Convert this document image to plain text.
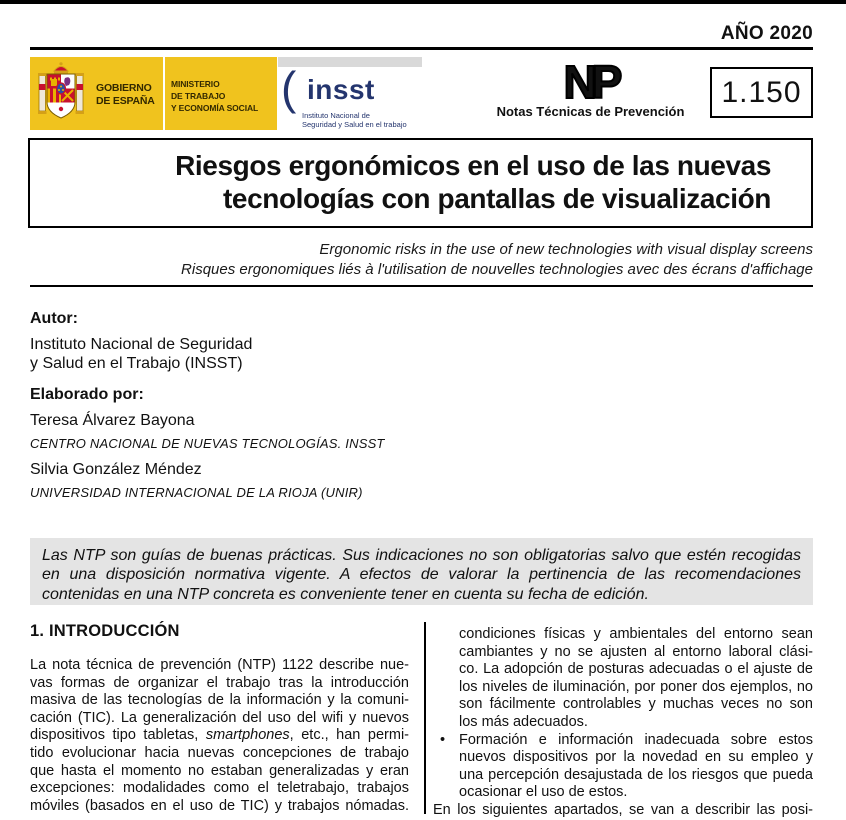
AÑO 2020
GOBIERNO
DE ESPAÑA
MINISTERIO
DE TRABAJO
Y ECONOMÍA SOCIAL ( insst
Instituto Nacional de
Seguridad y Salud en el trabajo
NP
Notas Técnicas de Prevención
1.150
Riesgos ergonómicos en el uso de las nuevas
tecnologías con pantallas de visualización
Ergonomic risks in the use of new technologies with visual display screens
Risques ergonomiques liés à l'utilisation de nouvelles technologies avec des écrans d'affichage
Autor:
Instituto Nacional de Seguridad
y Salud en el Trabajo (INSST)
Elaborado por:
Teresa Álvarez Bayona
CENTRO NACIONAL DE NUEVAS TECNOLOGÍAS. INSST
Silvia González Méndez
UNIVERSIDAD INTERNACIONAL DE LA RIOJA (UNIR)
Las NTP son guías de buenas prácticas. Sus indicaciones no son obligatorias salvo que estén recogidas
en una disposición normativa vigente. A efectos de valorar la pertinencia de las recomendaciones
contenidas en una NTP concreta es conveniente tener en cuenta su fecha de edición.
1. INTRODUCCIÓN
La nota técnica de prevención (NTP) 1122 describe nue-
vas formas de organizar el trabajo tras la introducción
masiva de las tecnologías de la información y la comuni-
cación (TIC). La generalización del uso del wifi y nuevos
dispositivos tipo tabletas, smartphones, etc., han permi-
tido evolucionar hacia nuevas concepciones de trabajo
que hasta el momento no estaban generalizadas y eran
excepciones: modalidades como el teletrabajo, trabajos
móviles (basados en el uso de TIC) y trabajos nómadas.
condiciones físicas y ambientales del entorno sean
cambiantes y no se ajusten al entorno laboral clási-
co. La adopción de posturas adecuadas o el ajuste de
los niveles de iluminación, por poner dos ejemplos, no
son fácilmente controlables y muchas veces no son
los más adecuados.
• Formación e información inadecuada sobre estos
nuevos dispositivos por la novedad en su empleo y
una percepción desajustada de los riesgos que pueda
ocasionar el uso de estos.
En los siguientes apartados, se van a describir las posi-
